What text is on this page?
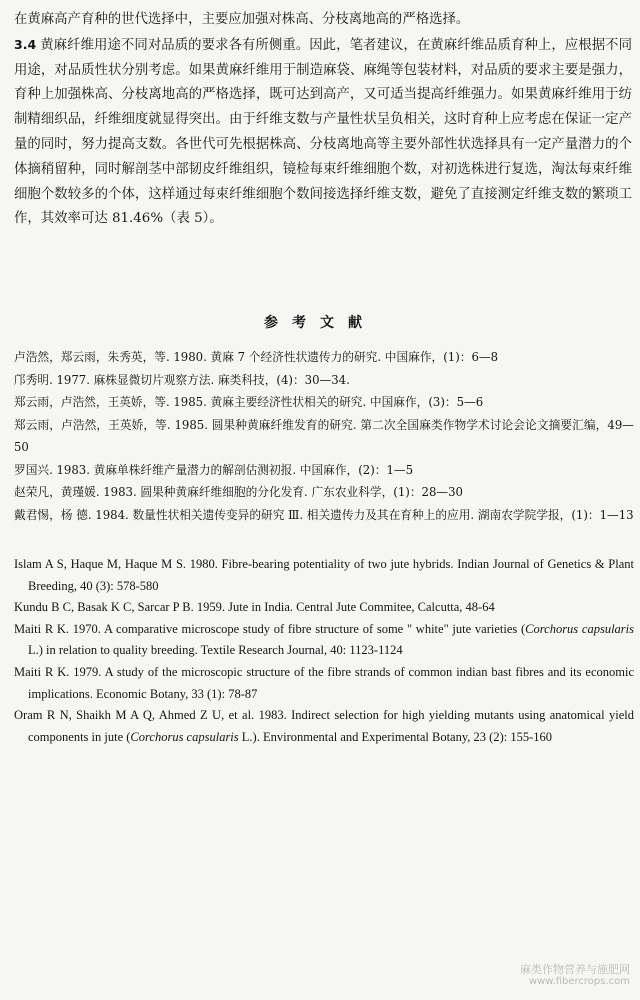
在黄麻高产育种的世代选择中，主要应加强对株高、分枝离地高的严格选择。

3.4 黄麻纤维用途不同对品质的要求各有所侧重。因此，笔者建议，在黄麻纤维品质育种上，应根据不同用途，对品质性状分别考虑。如果黄麻纤维用于制造麻袋、麻绳等包装材料，对品质的要求主要是强力，育种上加强株高、分枝离地高的严格选择，既可达到高产，又可适当提高纤维强力。如果黄麻纤维用于纺制精细织品，纤维细度就显得突出。由于纤维支数与产量性状呈负相关，这时育种上应考虑在保证一定产量的同时，努力提高支数。各世代可先根据株高、分枝离地高等主要外部性状选择具有一定产量潜力的个体摘稍留种，同时解剖茎中部韧皮纤维组织，镜检每束纤维细胞个数，对初选株进行复选，淘汰每束纤维细胞个数较多的个体，这样通过每束纤维细胞个数间接选择纤维支数，避免了直接测定纤维支数的繁琐工作，其效率可达 81.46%（表 5）。

参考文献

卢浩然，郑云雨，朱秀英，等. 1980. 黄麻 7 个经济性状遗传力的研究. 中国麻作，(1)：6—8

邝秀明. 1977. 麻株显微切片观察方法. 麻类科技，(4)：30—34.

郑云雨，卢浩然，王英娇，等. 1985. 黄麻主要经济性状相关的研究. 中国麻作，(3)：5—6

郑云雨，卢浩然，王英娇，等. 1985. 圆果种黄麻纤维发育的研究. 第二次全国麻类作物学术讨论会论文摘要汇编，49—50

罗国兴. 1983. 黄麻单株纤维产量潜力的解剖估测初报. 中国麻作，(2)：1—5

赵荣凡，黄瑾媛. 1983. 圆果种黄麻纤维细胞的分化发育. 广东农业科学，(1)：28—30

戴君惕，杨 德. 1984. 数量性状相关遗传变异的研究 Ⅲ. 相关遗传力及其在育种上的应用. 湖南农学院学报，(1)：1—13

Islam A S, Haque M, Haque M S. 1980. Fibre-bearing potentiality of two jute hybrids. Indian Journal of Genetics & Plant Breeding, 40 (3): 578-580

Kundu B C, Basak K C, Sarcar P B. 1959. Jute in India. Central Jute Commitee, Calcutta, 48-64

Maiti R K. 1970. A comparative microscope study of fibre structure of some " white" jute varieties (Corchorus capsularis L.) in relation to quality breeding. Textile Research Journal, 40: 1123-1124

Maiti R K. 1979. A study of the microscopic structure of the fibre strands of common indian bast fibres and its economic implications. Economic Botany, 33 (1): 78-87

Oram R N, Shaikh M A Q, Ahmed Z U, et al. 1983. Indirect selection for high yielding mutants using anatomical yield components in jute (Corchorus capsularis L.). Environmental and Experimental Botany, 23 (2): 155-160

麻类作物营养与施肥网
www.fibercrops.com
